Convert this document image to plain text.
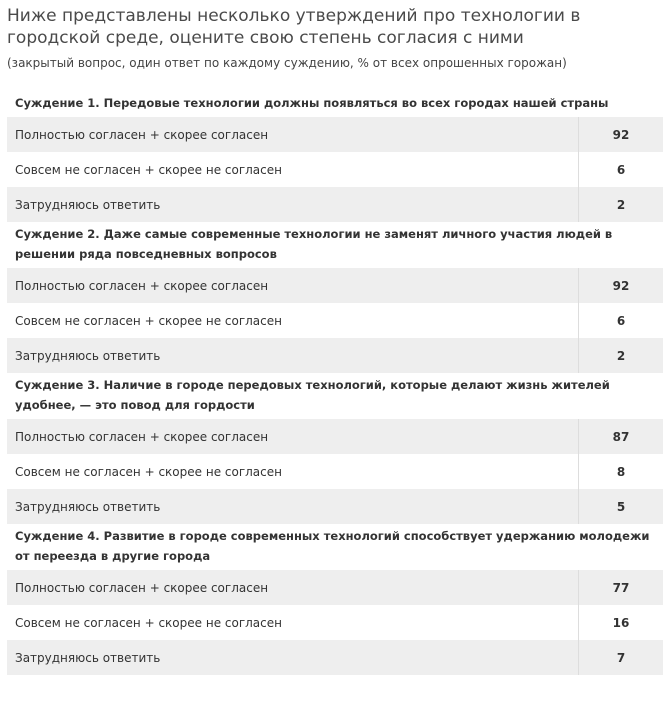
Ниже представлены несколько утверждений про технологии в городской среде, оцените свою степень согласия с ними

(закрытый вопрос, один ответ по каждому суждению, % от всех опрошенных горожан)

Суждение 1. Передовые технологии должны появляться во всех городах нашей страны
Полностью согласен + скорее согласен	92
Совсем не согласен + скорее не согласен	6
Затрудняюсь ответить	2
Суждение 2. Даже самые современные технологии не заменят личного участия людей в решении ряда повседневных вопросов
Полностью согласен + скорее согласен	92
Совсем не согласен + скорее не согласен	6
Затрудняюсь ответить	2
Суждение 3. Наличие в городе передовых технологий, которые делают жизнь жителей удобнее, — это повод для гордости
Полностью согласен + скорее согласен	87
Совсем не согласен + скорее не согласен	8
Затрудняюсь ответить	5
Суждение 4. Развитие в городе современных технологий способствует удержанию молодежи от переезда в другие города
Полностью согласен + скорее согласен	77
Совсем не согласен + скорее не согласен	16
Затрудняюсь ответить	7
